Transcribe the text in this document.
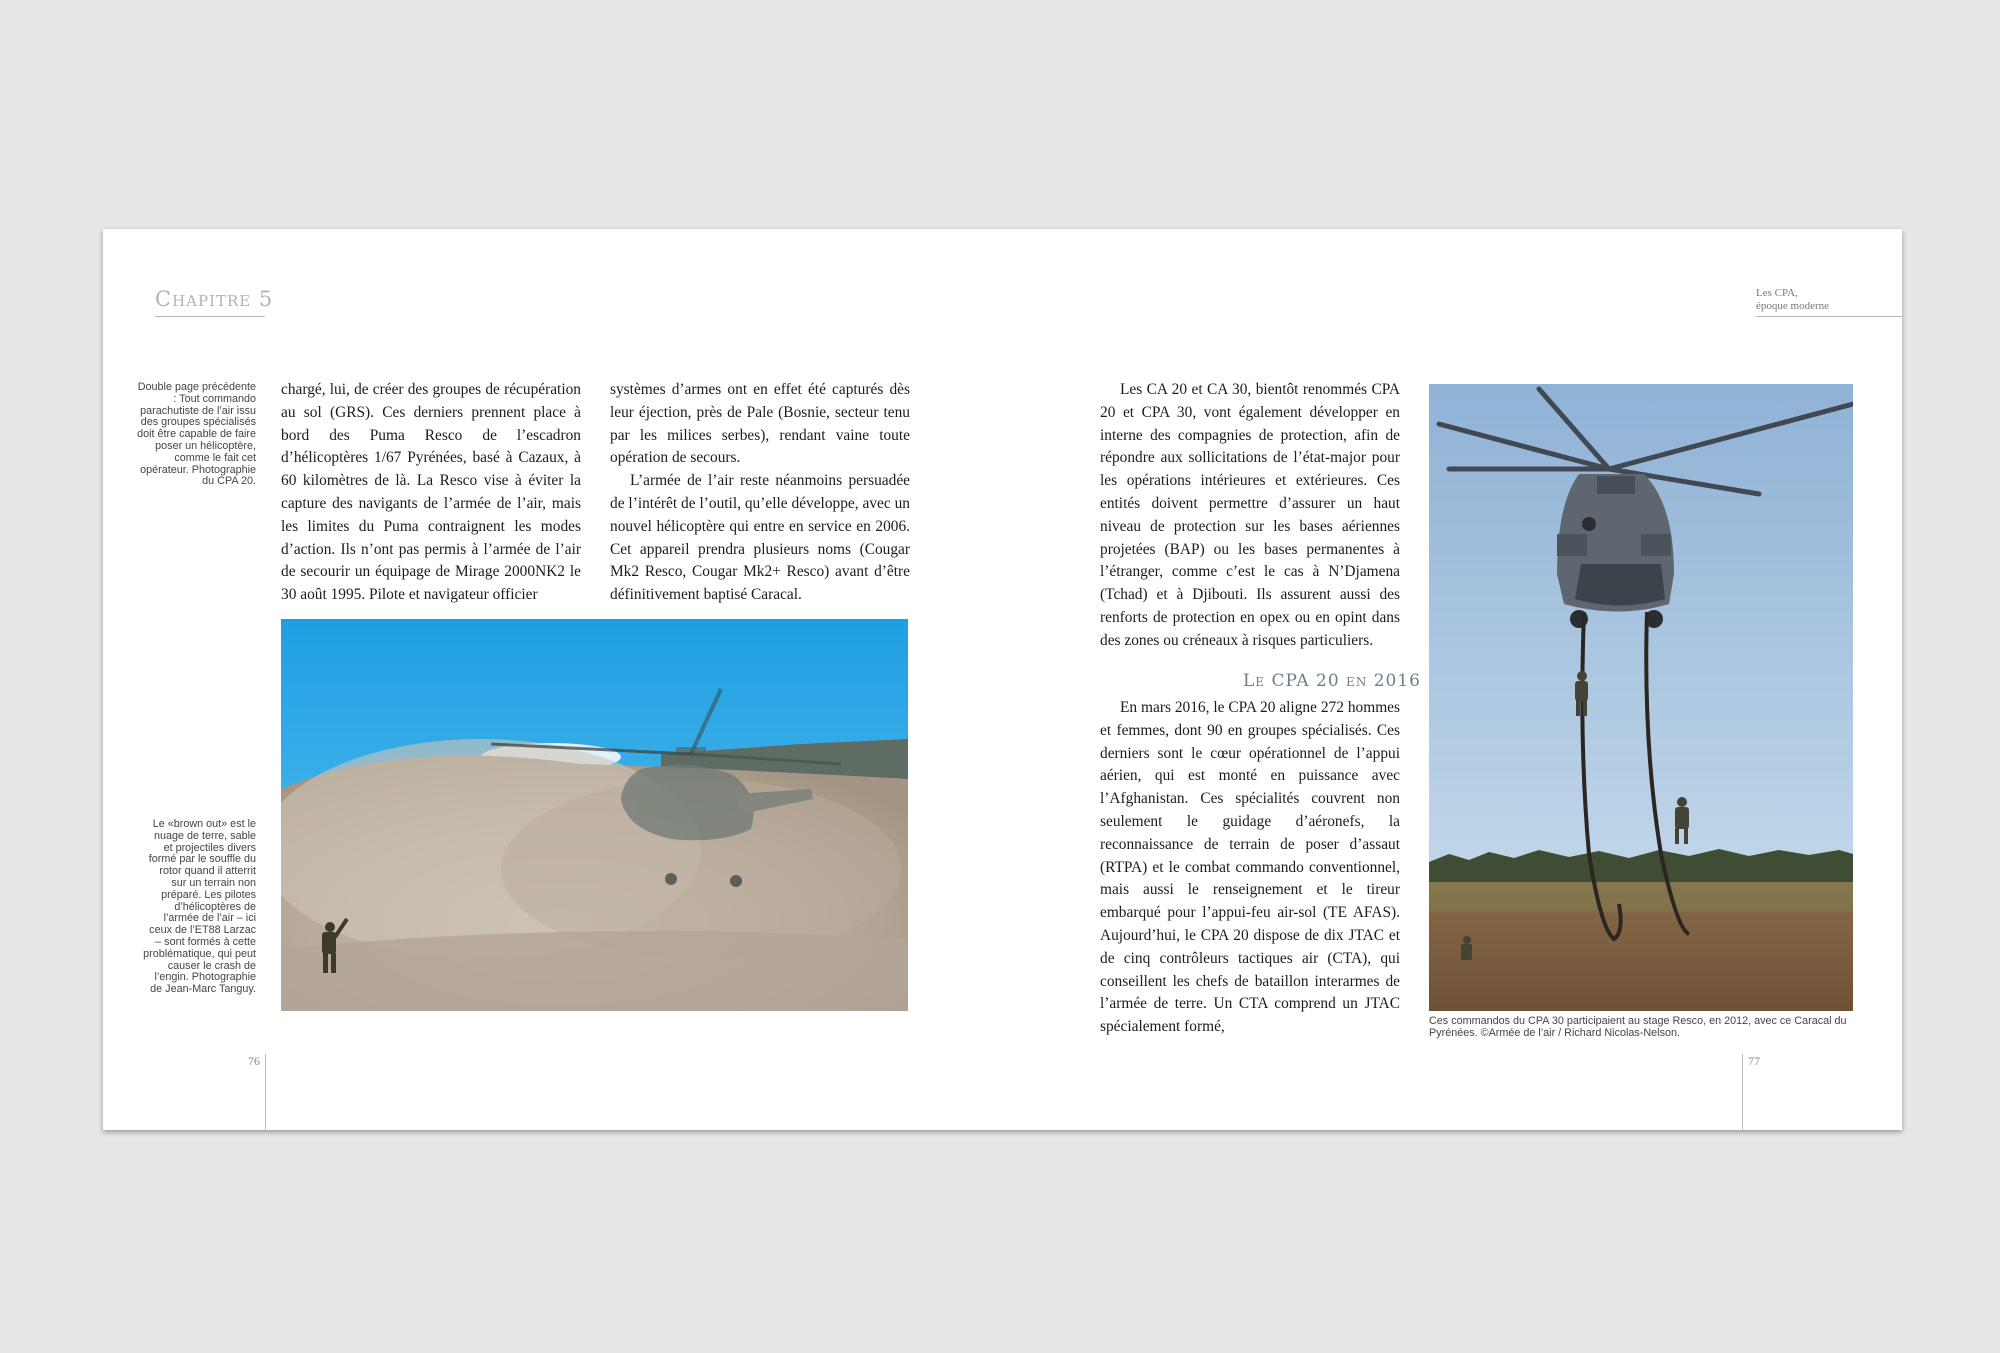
Chapitre 5
Double page précédente : Tout commando parachutiste de l’air issu des groupes spécialisés doit être capable de faire poser un hélicoptère, comme le fait cet opérateur. Photographie du CPA 20.
Le «brown out» est le nuage de terre, sable et projectiles divers formé par le souffle du rotor quand il atterrit sur un terrain non préparé. Les pilotes d’hélicoptères de l’armée de l’air – ici ceux de l’ET88 Larzac – sont formés à cette problématique, qui peut causer le crash de l’engin. Photographie de Jean-Marc Tanguy.

chargé, lui, de créer des groupes de récupération au sol (GRS). Ces derniers prennent place à bord des Puma Resco de l’escadron d’hélicoptères 1/67 Pyrénées, basé à Cazaux, à 60 kilomètres de là. La Resco vise à éviter la capture des navigants de l’armée de l’air, mais les limites du Puma contraignent les modes d’action. Ils n’ont pas permis à l’armée de l’air de secourir un équipage de Mirage 2000NK2 le 30 août 1995. Pilote et navigateur officier

systèmes d’armes ont en effet été capturés dès leur éjection, près de Pale (Bosnie, secteur tenu par les milices serbes), rendant vaine toute opération de secours.

L’armée de l’air reste néanmoins persuadée de l’intérêt de l’outil, qu’elle développe, avec un nouvel hélicoptère qui entre en service en 2006. Cet appareil prendra plusieurs noms (Cougar Mk2 Resco, Cougar Mk2+ Resco) avant d’être définitivement baptisé Caracal.

76
Les CPA,
époque moderne

Les CA 20 et CA 30, bientôt renommés CPA 20 et CPA 30, vont également développer en interne des compagnies de protection, afin de répondre aux sollicitations de l’état-major pour les opérations intérieures et extérieures. Ces entités doivent permettre d’assurer un haut niveau de protection sur les bases aériennes projetées (BAP) ou les bases permanentes à l’étranger, comme c’est le cas à N’Djamena (Tchad) et à Djibouti. Ils assurent aussi des renforts de protection en opex ou en opint dans des zones ou créneaux à risques particuliers.

Le CPA 20 en 2016

En mars 2016, le CPA 20 aligne 272 hommes et femmes, dont 90 en groupes spécialisés. Ces derniers sont le cœur opérationnel de l’appui aérien, qui est monté en puissance avec l’Afghanistan. Ces spécialités couvrent non seulement le guidage d’aéronefs, la reconnaissance de terrain de poser d’assaut (RTPA) et le combat commando conventionnel, mais aussi le renseignement et le tireur embarqué pour l’appui-feu air-sol (TE AFAS). Aujourd’hui, le CPA 20 dispose de dix JTAC et de cinq contrôleurs tactiques air (CTA), qui conseillent les chefs de bataillon interarmes de l’armée de terre. Un CTA comprend un JTAC spécialement formé,	Ces commandos du CPA 30 participaient au stage Resco, en 2012, avec ce Caracal du Pyrénées. ©Armée de l’air / Richard Nicolas-Nelson.
77
